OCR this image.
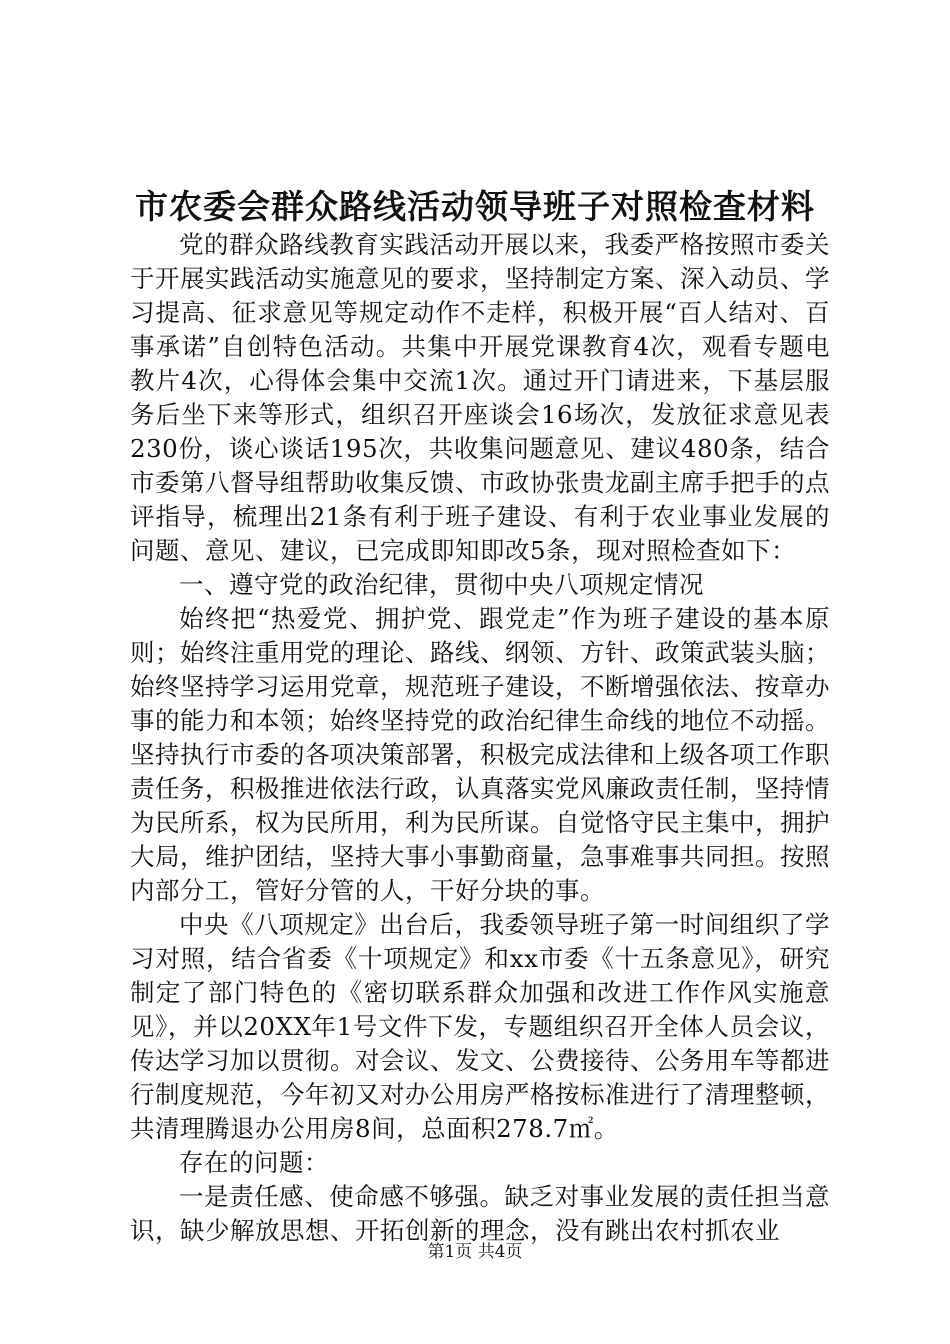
市农委会群众路线活动领导班子对照检查材料

党的群众路线教育实践活动开展以来，我委严格按照市委关于开展实践活动实施意见的要求，坚持制定方案、深入动员、学习提高、征求意见等规定动作不走样，积极开展“百人结对、百事承诺”自创特色活动。共集中开展党课教育4次，观看专题电教片4次，心得体会集中交流1次。通过开门请进来，下基层服务后坐下来等形式，组织召开座谈会16场次，发放征求意见表230份，谈心谈话195次，共收集问题意见、建议480条，结合市委第八督导组帮助收集反馈、市政协张贵龙副主席手把手的点评指导，梳理出21条有利于班子建设、有利于农业事业发展的问题、意见、建议，已完成即知即改5条，现对照检查如下：

一、遵守党的政治纪律，贯彻中央八项规定情况

始终把“热爱党、拥护党、跟党走”作为班子建设的基本原则；始终注重用党的理论、路线、纲领、方针、政策武装头脑；始终坚持学习运用党章，规范班子建设，不断增强依法、按章办事的能力和本领；始终坚持党的政治纪律生命线的地位不动摇。坚持执行市委的各项决策部署，积极完成法律和上级各项工作职责任务，积极推进依法行政，认真落实党风廉政责任制，坚持情为民所系，权为民所用，利为民所谋。自觉恪守民主集中，拥护大局，维护团结，坚持大事小事勤商量，急事难事共同担。按照内部分工，管好分管的人，干好分块的事。

中央《八项规定》出台后，我委领导班子第一时间组织了学习对照，结合省委《十项规定》和xx市委《十五条意见》，研究制定了部门特色的《密切联系群众加强和改进工作作风实施意见》，并以20XX年1号文件下发，专题组织召开全体人员会议，传达学习加以贯彻。对会议、发文、公费接待、公务用车等都进行制度规范，今年初又对办公用房严格按标准进行了清理整顿，共清理腾退办公用房8间，总面积278.7㎡。

存在的问题：

一是责任感、使命感不够强。缺乏对事业发展的责任担当意识，缺少解放思想、开拓创新的理念，没有跳出农村抓农业

第1页 共4页
